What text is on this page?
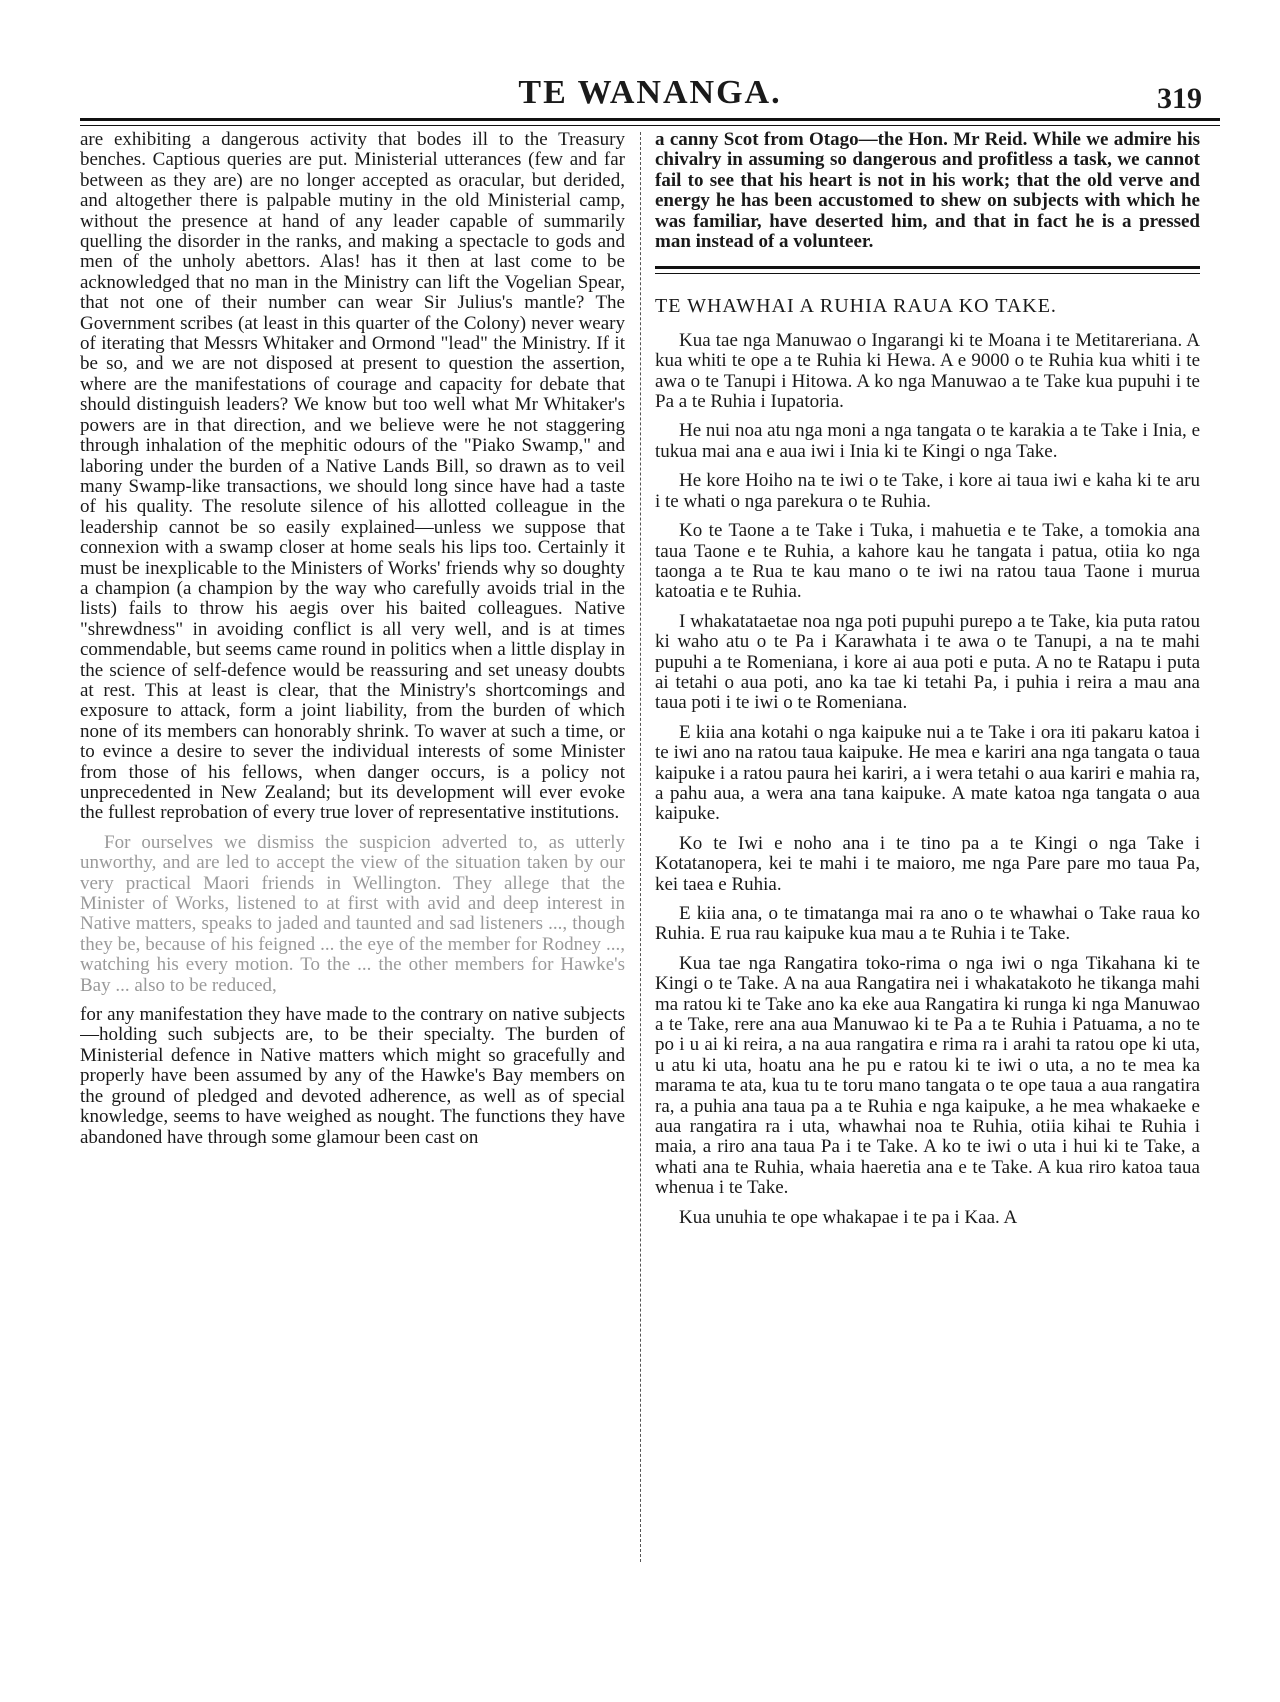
TE WANANGA.	319

are exhibiting a dangerous activity that bodes ill to the Treasury benches. Captious queries are put. Ministerial utterances (few and far between as they are) are no longer accepted as oracular, but derided, and altogether there is palpable mutiny in the old Ministerial camp, without the presence at hand of any leader capable of summarily quelling the disorder in the ranks, and making a spectacle to gods and men of the unholy abettors. Alas! has it then at last come to be acknowledged that no man in the Ministry can lift the Vogelian Spear, that not one of their number can wear Sir Julius's mantle? The Government scribes (at least in this quarter of the Colony) never weary of iterating that Messrs Whitaker and Ormond "lead" the Ministry. If it be so, and we are not disposed at present to question the assertion, where are the manifestations of courage and capacity for debate that should distinguish leaders? We know but too well what Mr Whitaker's powers are in that direction, and we believe were he not staggering through inhalation of the mephitic odours of the "Piako Swamp," and laboring under the burden of a Native Lands Bill, so drawn as to veil many Swamp-like transactions, we should long since have had a taste of his quality. The resolute silence of his allotted colleague in the leadership cannot be so easily explained—unless we suppose that connexion with a swamp closer at home seals his lips too. Certainly it must be inexplicable to the Ministers of Works' friends why so doughty a champion (a champion by the way who carefully avoids trial in the lists) fails to throw his aegis over his baited colleagues. Native "shrewdness" in avoiding conflict is all very well, and is at times commendable, but seems came round in politics when a little display in the science of self-defence would be reassuring and set uneasy doubts at rest. This at least is clear, that the Ministry's shortcomings and exposure to attack, form a joint liability, from the burden of which none of its members can honorably shrink. To waver at such a time, or to evince a desire to sever the individual interests of some Minister from those of his fellows, when danger occurs, is a policy not unprecedented in New Zealand; but its development will ever evoke the fullest reprobation of every true lover of representative institutions.

For ourselves we dismiss the suspicion adverted to, as utterly unworthy, and are led to accept the view of the situation taken by our very practical Maori friends in Wellington. They allege that the Minister of Works, listened to at first with avid and deep interest in Native matters, speaks to jaded and taunted and sad listeners ..., though they be, because of his feigned ... the eye of the member for Rodney ..., watching his every motion. To the ... the other members for Hawke's Bay ... also to be reduced,

for any manifestation they have made to the contrary on native subjects—holding such subjects are, to be their specialty. The burden of Ministerial defence in Native matters which might so gracefully and properly have been assumed by any of the Hawke's Bay members on the ground of pledged and devoted adherence, as well as of special knowledge, seems to have weighed as nought. The functions they have abandoned have through some glamour been cast on

a canny Scot from Otago—the Hon. Mr Reid. While we admire his chivalry in assuming so dangerous and profitless a task, we cannot fail to see that his heart is not in his work; that the old verve and energy he has been accustomed to shew on subjects with which he was familiar, have deserted him, and that in fact he is a pressed man instead of a volunteer.

TE WHAWHAI A RUHIA RAUA KO TAKE.

Kua tae nga Manuwao o Ingarangi ki te Moana i te Metitareriana. A kua whiti te ope a te Ruhia ki Hewa. A e 9000 o te Ruhia kua whiti i te awa o te Tanupi i Hitowa. A ko nga Manuwao a te Take kua pupuhi i te Pa a te Ruhia i Iupatoria.

He nui noa atu nga moni a nga tangata o te karakia a te Take i Inia, e tukua mai ana e aua iwi i Inia ki te Kingi o nga Take.

He kore Hoiho na te iwi o te Take, i kore ai taua iwi e kaha ki te aru i te whati o nga parekura o te Ruhia.

Ko te Taone a te Take i Tuka, i mahuetia e te Take, a tomokia ana taua Taone e te Ruhia, a kahore kau he tangata i patua, otiia ko nga taonga a te Rua te kau mano o te iwi na ratou taua Taone i murua katoatia e te Ruhia.

I whakatataetae noa nga poti pupuhi purepo a te Take, kia puta ratou ki waho atu o te Pa i Karawhata i te awa o te Tanupi, a na te mahi pupuhi a te Romeniana, i kore ai aua poti e puta. A no te Ratapu i puta ai tetahi o aua poti, ano ka tae ki tetahi Pa, i puhia i reira a mau ana taua poti i te iwi o te Romeniana.

E kiia ana kotahi o nga kaipuke nui a te Take i ora iti pakaru katoa i te iwi ano na ratou taua kaipuke. He mea e kariri ana nga tangata o taua kaipuke i a ratou paura hei kariri, a i wera tetahi o aua kariri e mahia ra, a pahu aua, a wera ana tana kaipuke. A mate katoa nga tangata o aua kaipuke.

Ko te Iwi e noho ana i te tino pa a te Kingi o nga Take i Kotatanopera, kei te mahi i te maioro, me nga Pare pare mo taua Pa, kei taea e Ruhia.

E kiia ana, o te timatanga mai ra ano o te whawhai o Take raua ko Ruhia. E rua rau kaipuke kua mau a te Ruhia i te Take.

Kua tae nga Rangatira toko-rima o nga iwi o nga Tikahana ki te Kingi o te Take. A na aua Rangatira nei i whakatakoto he tikanga mahi ma ratou ki te Take ano ka eke aua Rangatira ki runga ki nga Manuwao a te Take, rere ana aua Manuwao ki te Pa a te Ruhia i Patuama, a no te po i u ai ki reira, a na aua rangatira e rima ra i arahi ta ratou ope ki uta, u atu ki uta, hoatu ana he pu e ratou ki te iwi o uta, a no te mea ka marama te ata, kua tu te toru mano tangata o te ope taua a aua rangatira ra, a puhia ana taua pa a te Ruhia e nga kaipuke, a he mea whakaeke e aua rangatira ra i uta, whawhai noa te Ruhia, otiia kihai te Ruhia i maia, a riro ana taua Pa i te Take. A ko te iwi o uta i hui ki te Take, a whati ana te Ruhia, whaia haeretia ana e te Take. A kua riro katoa taua whenua i te Take.

Kua unuhia te ope whakapae i te pa i Kaa. A
